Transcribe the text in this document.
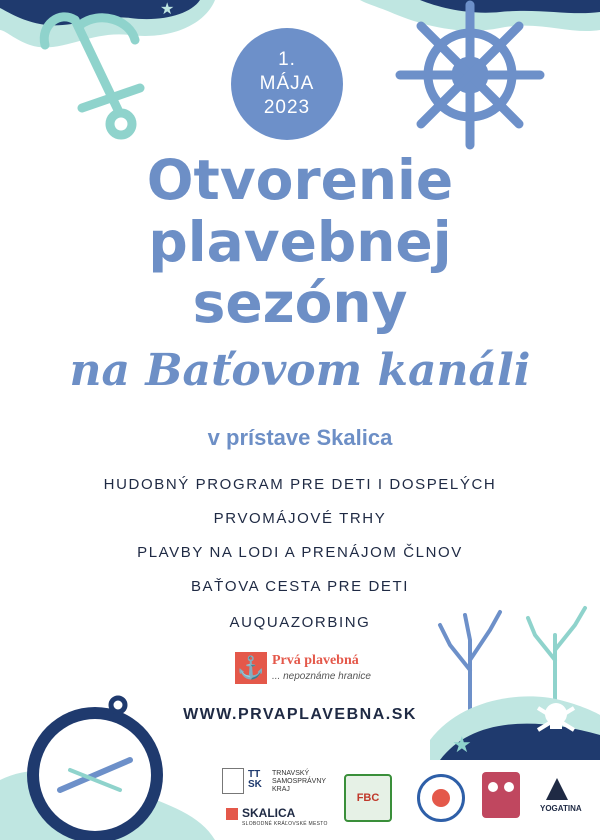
★
★
1.
MÁJA
2023
Otvorenie
plavebnej
sezóny
na Baťovom kanáli
v prístave Skalica
HUDOBNÝ PROGRAM PRE DETI I DOSPELÝCH
PRVOMÁJOVÉ TRHY
PLAVBY NA LODI A PRENÁJOM ČLNOV
BAŤOVA CESTA PRE DETI
AUQUAZORBING
⚓ Prvá plavebná
... nepoznáme hranice
WWW.PRVAPLAVEBNA.SK
TT
SK
TRNAVSKÝ SAMOSPRÁVNY KRAJ
SKALICA
SLOBODNÉ KRÁĽOVSKÉ MESTO
FBC
YOGATINA
